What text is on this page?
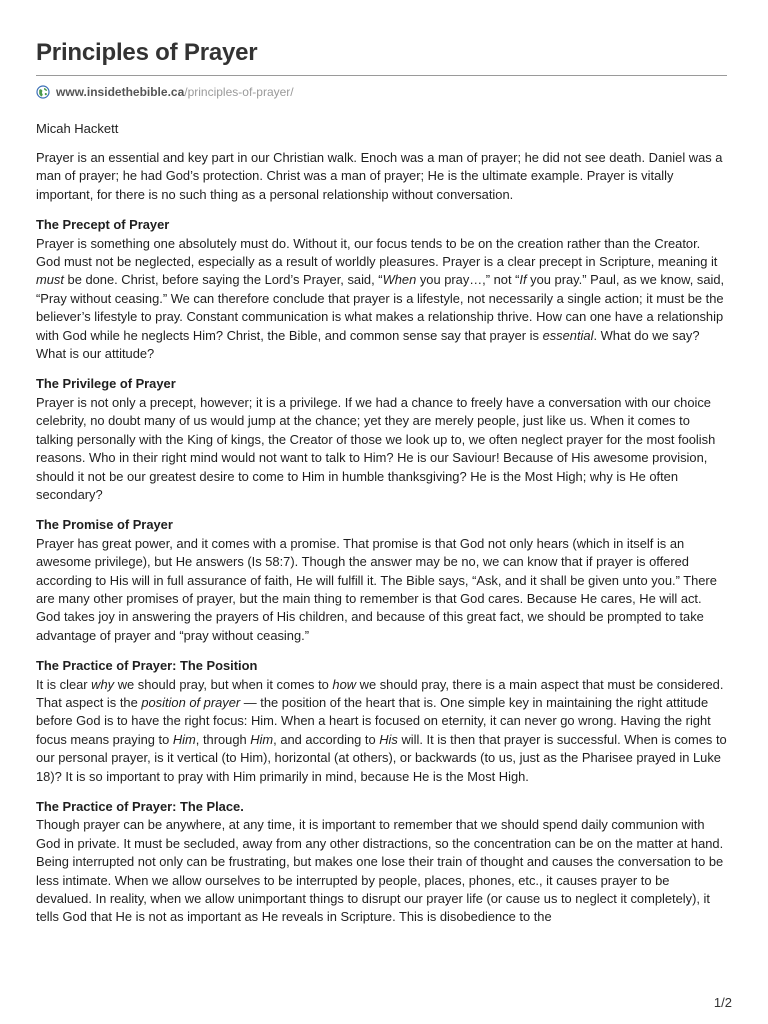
Principles of Prayer
www.insidethebible.ca /principles-of-prayer/
Micah Hackett

Prayer is an essential and key part in our Christian walk. Enoch was a man of prayer; he did not see death. Daniel was a man of prayer; he had God’s protection. Christ was a man of prayer; He is the ultimate example. Prayer is vitally important, for there is no such thing as a personal relationship without conversation.

The Precept of Prayer

Prayer is something one absolutely must do. Without it, our focus tends to be on the creation rather than the Creator. God must not be neglected, especially as a result of worldly pleasures. Prayer is a clear precept in Scripture, meaning it must be done. Christ, before saying the Lord’s Prayer, said, “When you pray…,” not “If you pray.” Paul, as we know, said, “Pray without ceasing.” We can therefore conclude that prayer is a lifestyle, not necessarily a single action; it must be the believer’s lifestyle to pray. Constant communication is what makes a relationship thrive. How can one have a relationship with God while he neglects Him? Christ, the Bible, and common sense say that prayer is essential. What do we say? What is our attitude?

The Privilege of Prayer

Prayer is not only a precept, however; it is a privilege. If we had a chance to freely have a conversation with our choice celebrity, no doubt many of us would jump at the chance; yet they are merely people, just like us. When it comes to talking personally with the King of kings, the Creator of those we look up to, we often neglect prayer for the most foolish reasons. Who in their right mind would not want to talk to Him? He is our Saviour! Because of His awesome provision, should it not be our greatest desire to come to Him in humble thanksgiving? He is the Most High; why is He often secondary?

The Promise of Prayer

Prayer has great power, and it comes with a promise. That promise is that God not only hears (which in itself is an awesome privilege), but He answers (Is 58:7). Though the answer may be no, we can know that if prayer is offered according to His will in full assurance of faith, He will fulfill it. The Bible says, “Ask, and it shall be given unto you.” There are many other promises of prayer, but the main thing to remember is that God cares. Because He cares, He will act. God takes joy in answering the prayers of His children, and because of this great fact, we should be prompted to take advantage of prayer and “pray without ceasing.”

The Practice of Prayer: The Position

It is clear why we should pray, but when it comes to how we should pray, there is a main aspect that must be considered. That aspect is the position of prayer — the position of the heart that is. One simple key in maintaining the right attitude before God is to have the right focus: Him. When a heart is focused on eternity, it can never go wrong. Having the right focus means praying to Him, through Him, and according to His will. It is then that prayer is successful. When is comes to our personal prayer, is it vertical (to Him), horizontal (at others), or backwards (to us, just as the Pharisee prayed in Luke 18)? It is so important to pray with Him primarily in mind, because He is the Most High.

The Practice of Prayer: The Place.

Though prayer can be anywhere, at any time, it is important to remember that we should spend daily communion with God in private. It must be secluded, away from any other distractions, so the concentration can be on the matter at hand. Being interrupted not only can be frustrating, but makes one lose their train of thought and causes the conversation to be less intimate. When we allow ourselves to be interrupted by people, places, phones, etc., it causes prayer to be devalued. In reality, when we allow unimportant things to disrupt our prayer life (or cause us to neglect it completely), it tells God that He is not as important as He reveals in Scripture. This is disobedience to the

1/2
